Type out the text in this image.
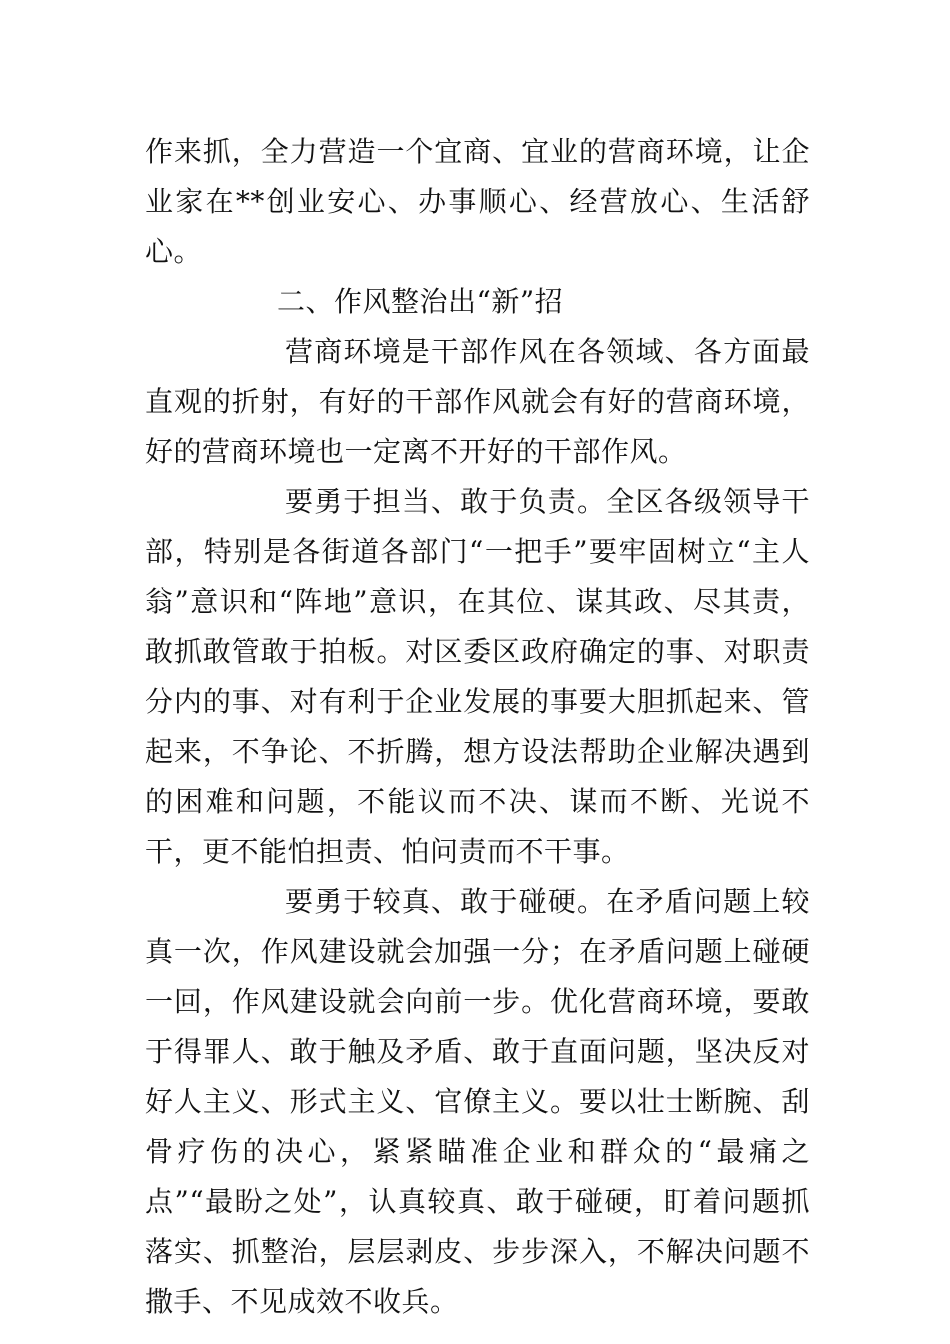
作来抓，全力营造一个宜商、宜业的营商环境，让企业家在**创业安心、办事顺心、经营放心、生活舒心。

二、作风整治出“新”招

营商环境是干部作风在各领域、各方面最直观的折射，有好的干部作风就会有好的营商环境，好的营商环境也一定离不开好的干部作风。

要勇于担当、敢于负责。全区各级领导干部，特别是各街道各部门“一把手”要牢固树立“主人翁”意识和“阵地”意识，在其位、谋其政、尽其责，敢抓敢管敢于拍板。对区委区政府确定的事、对职责分内的事、对有利于企业发展的事要大胆抓起来、管起来，不争论、不折腾，想方设法帮助企业解决遇到的困难和问题，不能议而不决、谋而不断、光说不干，更不能怕担责、怕问责而不干事。

要勇于较真、敢于碰硬。在矛盾问题上较真一次，作风建设就会加强一分；在矛盾问题上碰硬一回，作风建设就会向前一步。优化营商环境，要敢于得罪人、敢于触及矛盾、敢于直面问题，坚决反对好人主义、形式主义、官僚主义。要以壮士断腕、刮骨疗伤的决心，紧紧瞄准企业和群众的“最痛之点”“最盼之处”，认真较真、敢于碰硬，盯着问题抓落实、抓整治，层层剥皮、步步深入，不解决问题不撒手、不见成效不收兵。
